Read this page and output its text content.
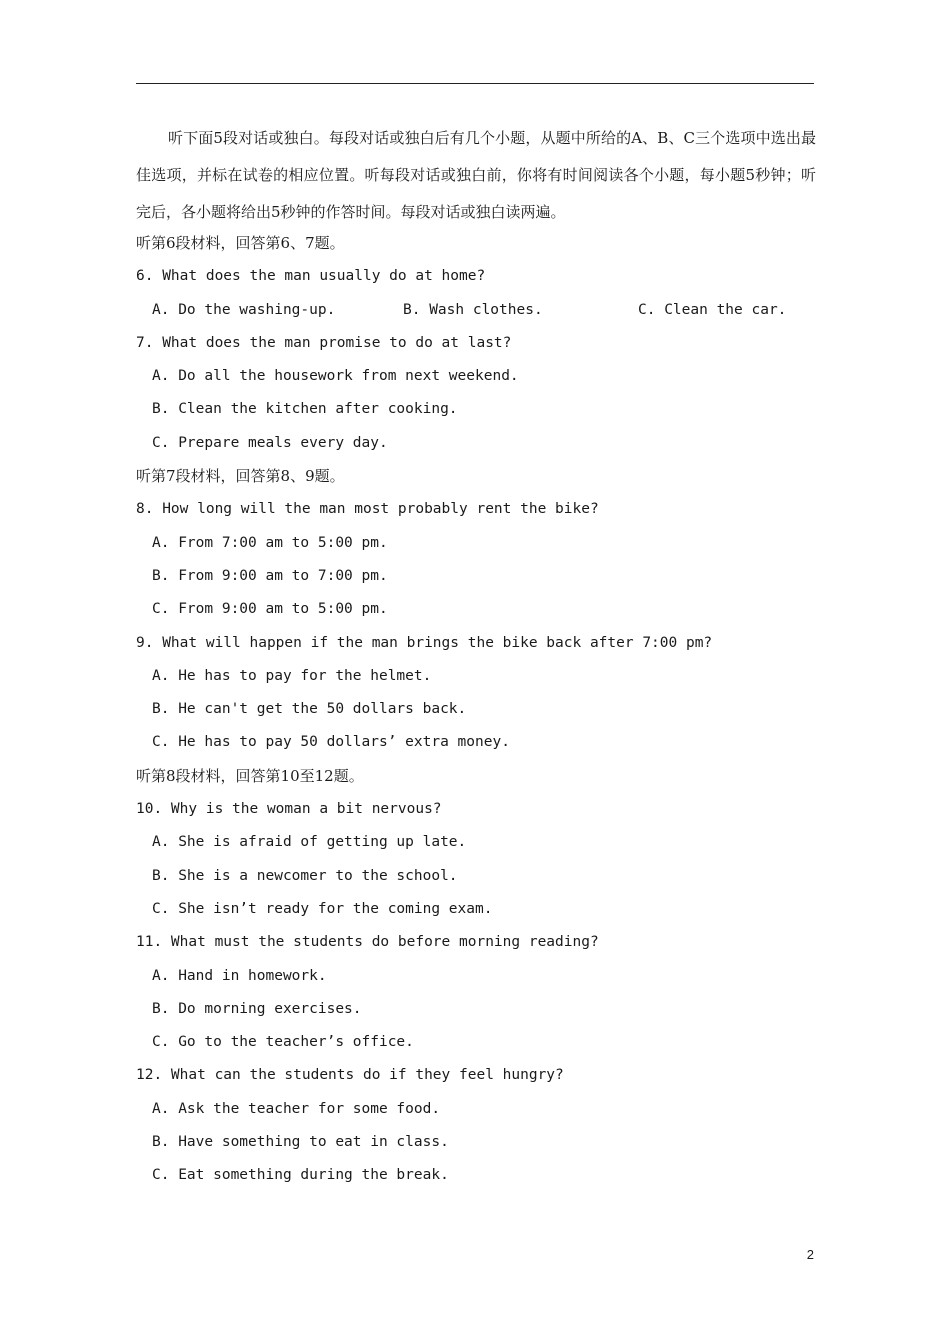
听下面5段对话或独白。每段对话或独白后有几个小题，从题中所给的A、B、C三个选项中选出最佳选项，并标在试卷的相应位置。听每段对话或独白前，你将有时间阅读各个小题，每小题5秒钟；听完后，各小题将给出5秒钟的作答时间。每段对话或独白读两遍。

听第6段材料，回答第6、7题。
6. What does the man usually do at home?
A. Do the washing-up.	B. Wash clothes.	C. Clean the car.
7. What does the man promise to do at last?
A. Do all the housework from next weekend.
B. Clean the kitchen after cooking.
C. Prepare meals every day.
听第7段材料，回答第8、9题。
8. How long will the man most probably rent the bike?
A. From 7:00 am to 5:00 pm.
B. From 9:00 am to 7:00 pm.
C. From 9:00 am to 5:00 pm.
9. What will happen if the man brings the bike back after 7:00 pm?
A. He has to pay for the helmet.
B. He can't get the 50 dollars back.
C. He has to pay 50 dollars’ extra money.
听第8段材料，回答第10至12题。
10. Why is the woman a bit nervous?
A. She is afraid of getting up late.
B. She is a newcomer to the school.
C. She isn’t ready for the coming exam.
11. What must the students do before morning reading?
A. Hand in homework.
B. Do morning exercises.
C. Go to the teacher’s office.
12. What can the students do if they feel hungry?
A. Ask the teacher for some food.
B. Have something to eat in class.
C. Eat something during the break.
2
